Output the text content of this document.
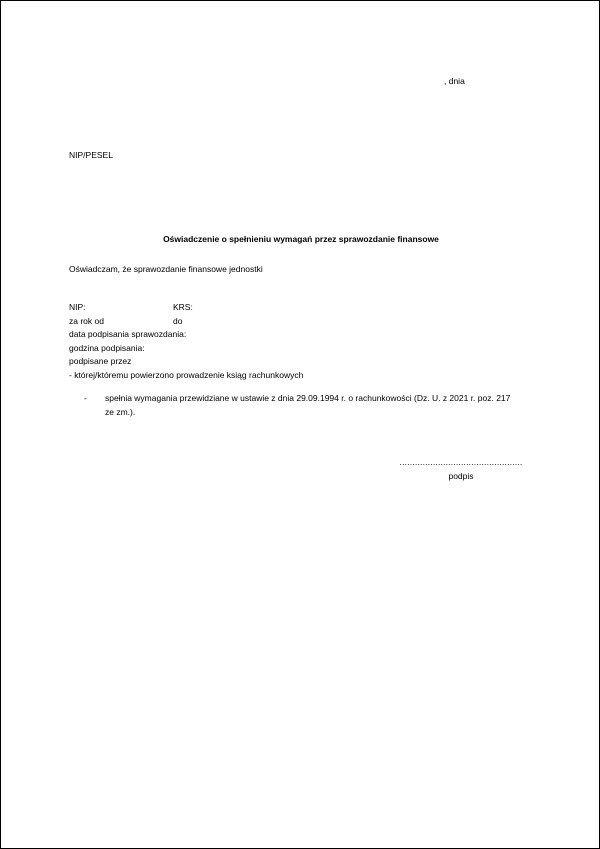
, dnia
NIP/PESEL
Oświadczenie o spełnieniu wymagań przez sprawozdanie finansowe
Oświadczam, że sprawozdanie finansowe jednostki
NIP:	KRS:
za rok od	do
data podpisania sprawozdania:
godzina podpisania:
podpisane przez
- której/któremu powierzono prowadzenie ksiąg rachunkowych
- spełnia wymagania przewidziane w ustawie z dnia 29.09.1994 r. o rachunkowości (Dz. U. z 2021 r. poz. 217 ze zm.).
................................................
podpis
